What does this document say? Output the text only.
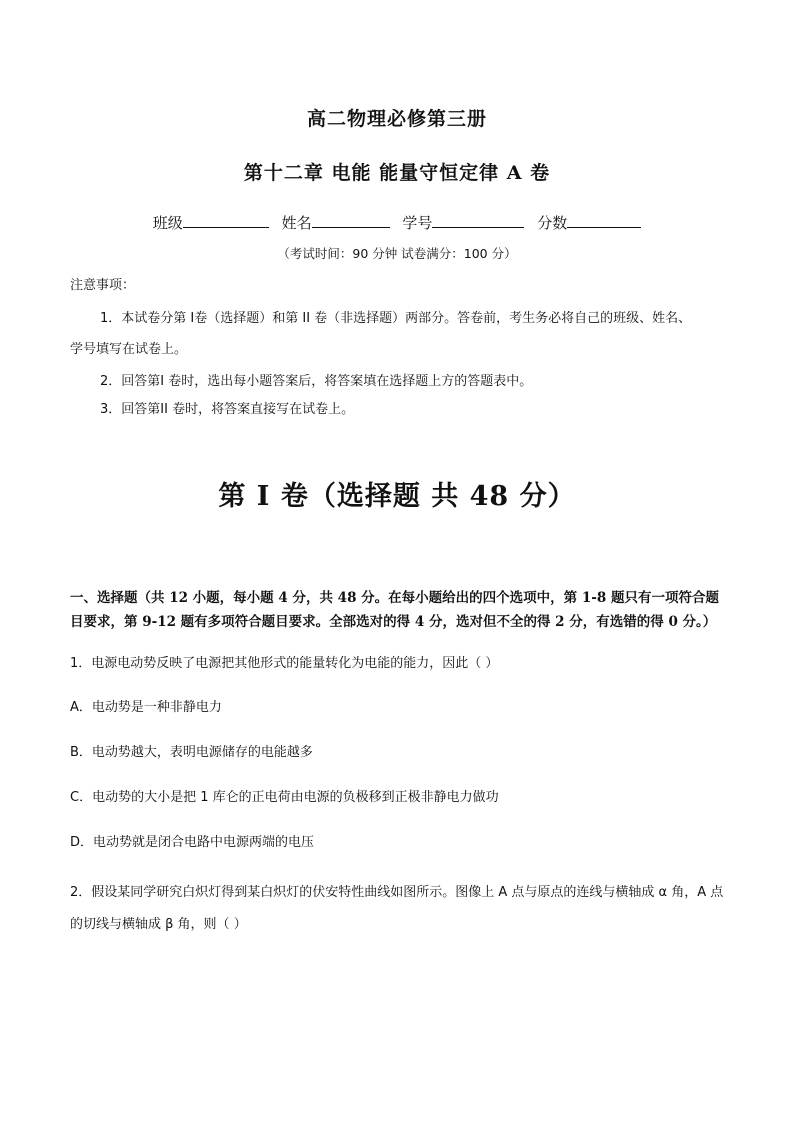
高二物理必修第三册
第十二章 电能 能量守恒定律 A 卷
班级	姓名	学号	分数
（考试时间：90 分钟 试卷满分：100 分）
注意事项：
1．本试卷分第 I卷（选择题）和第 II 卷（非选择题）两部分。答卷前，考生务必将自己的班级、姓名、
学号填写在试卷上。
2．回答第I 卷时，选出每小题答案后，将答案填在选择题上方的答题表中。
3．回答第II 卷时，将答案直接写在试卷上。
第 I 卷（选择题 共 48 分）
一、选择题（共 12 小题，每小题 4 分，共 48 分。在每小题给出的四个选项中，第 1-8 题只有一项符合题目要求，第 9-12 题有多项符合题目要求。全部选对的得 4 分，选对但不全的得 2 分，有选错的得 0 分。）
1．电源电动势反映了电源把其他形式的能量转化为电能的能力，因此（ ）
A．电动势是一种非静电力
B．电动势越大，表明电源储存的电能越多
C．电动势的大小是把 1 库仑的正电荷由电源的负极移到正极非静电力做功
D．电动势就是闭合电路中电源两端的电压
2．假设某同学研究白炽灯得到某白炽灯的伏安特性曲线如图所示。图像上 A 点与原点的连线与横轴成 α 角，A 点的切线与横轴成 β 角，则（ ）
